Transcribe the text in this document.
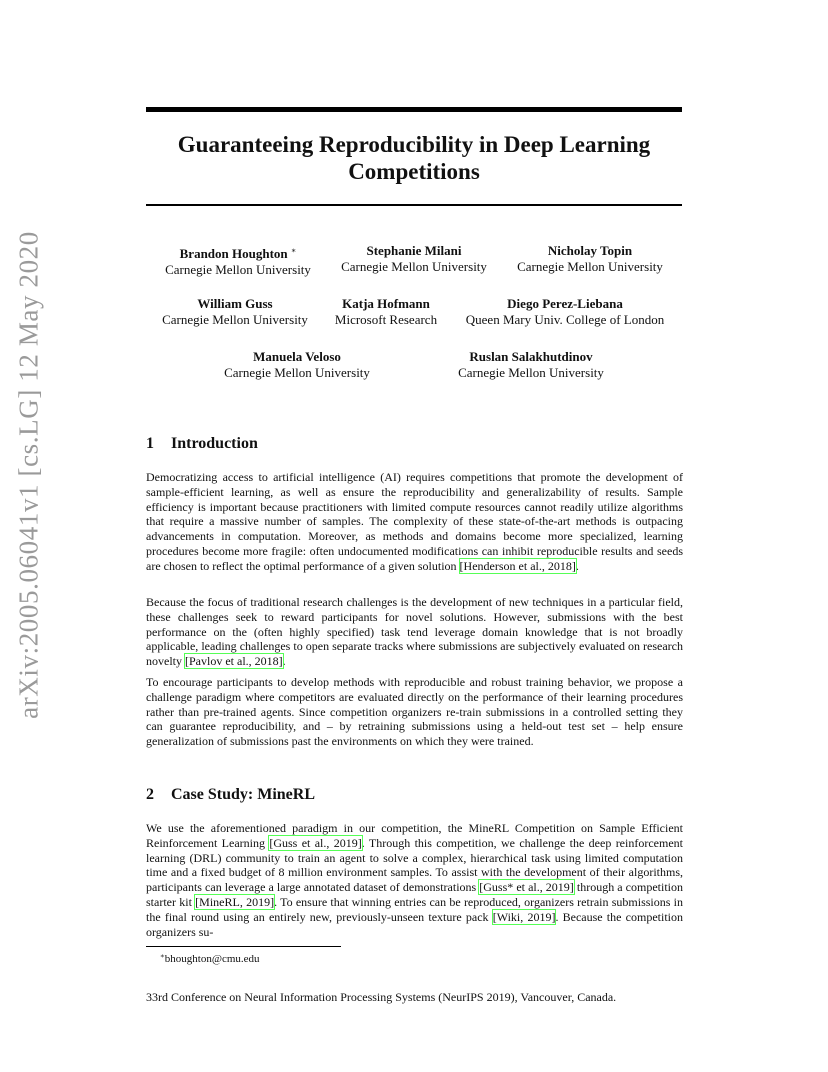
arXiv:2005.06041v1 [cs.LG] 12 May 2020
Guaranteeing Reproducibility in Deep Learning Competitions
Brandon Houghton ∗
Carnegie Mellon University
Stephanie Milani
Carnegie Mellon University
Nicholay Topin
Carnegie Mellon University
William Guss
Carnegie Mellon University
Katja Hofmann
Microsoft Research
Diego Perez-Liebana
Queen Mary Univ. College of London
Manuela Veloso
Carnegie Mellon University
Ruslan Salakhutdinov
Carnegie Mellon University
1 Introduction
Democratizing access to artificial intelligence (AI) requires competitions that promote the development of sample-efficient learning, as well as ensure the reproducibility and generalizability of results. Sample efficiency is important because practitioners with limited compute resources cannot readily utilize algorithms that require a massive number of samples. The complexity of these state-of-the-art methods is outpacing advancements in computation. Moreover, as methods and domains become more specialized, learning procedures become more fragile: often undocumented modifications can inhibit reproducible results and seeds are chosen to reflect the optimal performance of a given solution [Henderson et al., 2018].
Because the focus of traditional research challenges is the development of new techniques in a particular field, these challenges seek to reward participants for novel solutions. However, submissions with the best performance on the (often highly specified) task tend leverage domain knowledge that is not broadly applicable, leading challenges to open separate tracks where submissions are subjectively evaluated on research novelty [Pavlov et al., 2018].
To encourage participants to develop methods with reproducible and robust training behavior, we propose a challenge paradigm where competitors are evaluated directly on the performance of their learning procedures rather than pre-trained agents. Since competition organizers re-train submissions in a controlled setting they can guarantee reproducibility, and – by retraining submissions using a held-out test set – help ensure generalization of submissions past the environments on which they were trained.
2 Case Study: MineRL
We use the aforementioned paradigm in our competition, the MineRL Competition on Sample Efficient Reinforcement Learning [Guss et al., 2019]. Through this competition, we challenge the deep reinforcement learning (DRL) community to train an agent to solve a complex, hierarchical task using limited computation time and a fixed budget of 8 million environment samples. To assist with the development of their algorithms, participants can leverage a large annotated dataset of demonstrations [Guss* et al., 2019] through a competition starter kit [MineRL, 2019]. To ensure that winning entries can be reproduced, organizers retrain submissions in the final round using an entirely new, previously-unseen texture pack [Wiki, 2019]. Because the competition organizers su-
∗bhoughton@cmu.edu
33rd Conference on Neural Information Processing Systems (NeurIPS 2019), Vancouver, Canada.
